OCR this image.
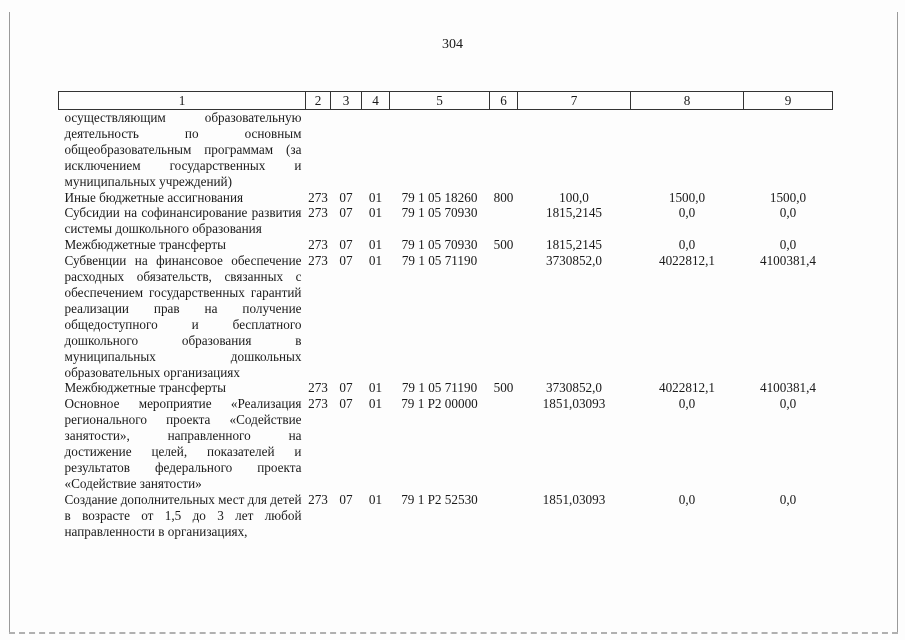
304
1	2	3	4	5	6	7	8	9

осуществляющим образовательную деятельность по основным общеобразовательным программам (за исключением государственных и муниципальных учреждений)								

Иные бюджетные ассигнования	273	07	01	79 1 05 18260	800	100,0	1500,0	1500,0

Субсидии на софинансирование развития системы дошкольного образования	273	07	01	79 1 05 70930		1815,2145	0,0	0,0

Межбюджетные трансферты	273	07	01	79 1 05 70930	500	1815,2145	0,0	0,0

Субвенции на финансовое обеспечение расходных обязательств, связанных с обеспечением государственных гарантий реализации прав на получение общедоступного и бесплатного дошкольного образования в муниципальных дошкольных образовательных организациях	273	07	01	79 1 05 71190		3730852,0	4022812,1	4100381,4

Межбюджетные трансферты	273	07	01	79 1 05 71190	500	3730852,0	4022812,1	4100381,4

Основное мероприятие «Реализация регионального проекта «Содействие занятости», направленного на достижение целей, показателей и результатов федерального проекта «Содействие занятости»	273	07	01	79 1 P2 00000		1851,03093	0,0	0,0

Создание дополнительных мест для детей в возрасте от 1,5 до 3 лет любой направленности в организациях,	273	07	01	79 1 P2 52530		1851,03093	0,0	0,0
